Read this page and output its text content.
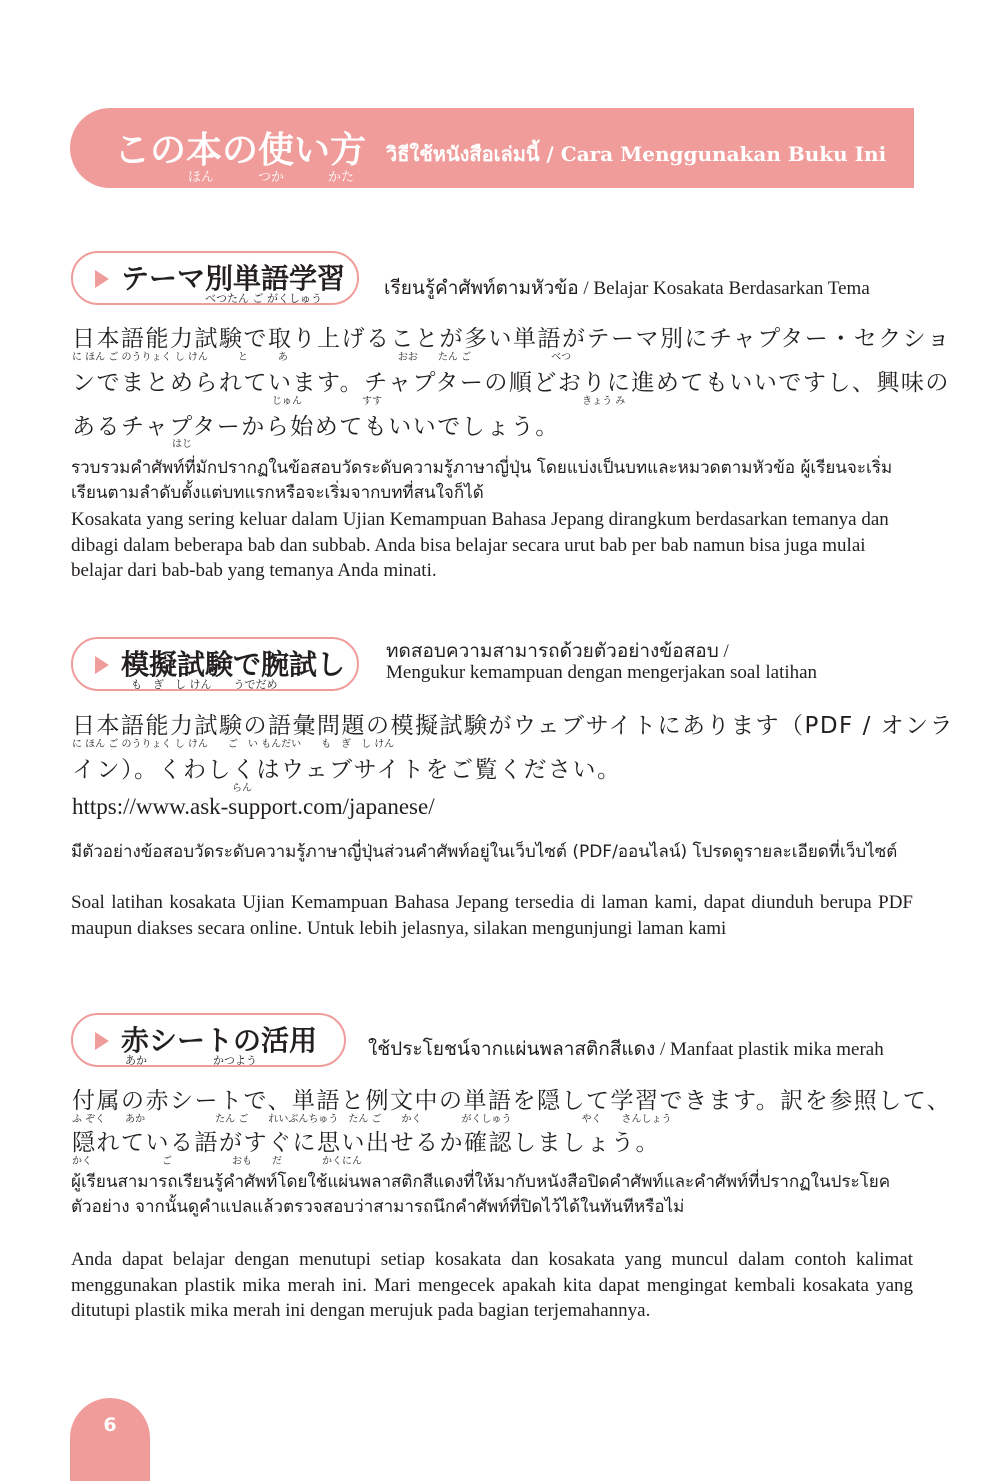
この本の使い方
ほん	つか	かた
วิธีใช้หนังสือเล่มนี้ / Cara Menggunakan Buku Ini
テーマ別単語学習
べつたん ご がくしゅう	เรียนรู้คำศัพท์ตามหัวข้อ / Belajar Kosakata Berdasarkan Tema
日本語能力試験で取り上げることが多い単語がテーマ別にチャプター・セクショ
に ほん ご のうりょく し けん　　　と　　　あ　　　　　　　　　　　おお　　たん ご　　　　　　　　べつ
ンでまとめられています。チャプターの順どおりに進めてもいいですし、興味の
　　　　　　　　　　　　　　　　　　　　じゅん　　　　　　すす　　　　　　　　　　　　　　　　　　　　きょう み
あるチャプターから始めてもいいでしょう。
　　　　　　　　　　はじ
รวบรวมคำศัพท์ที่มักปรากฏในข้อสอบวัดระดับความรู้ภาษาญี่ปุ่น โดยแบ่งเป็นบทและหมวดตามหัวข้อ ผู้เรียนจะเริ่มเรียนตามลำดับตั้งแต่บทแรกหรือจะเริ่มจากบทที่สนใจก็ได้
Kosakata yang sering keluar dalam Ujian Kemampuan Bahasa Jepang dirangkum berdasarkan temanya dan dibagi dalam beberapa bab dan subbab. Anda bisa belajar secara urut bab per bab namun bisa juga mulai belajar dari bab-bab yang temanya Anda minati.
模擬試験で腕試し
も　ぎ　し けん　　うでだめ
ทดสอบความสามารถด้วยตัวอย่างข้อสอบ /
Mengukur kemampuan dengan mengerjakan soal latihan
日本語能力試験の語彙問題の模擬試験がウェブサイトにあります（PDF / オンラ
に ほん ご のうりょく し けん　　ご　い もんだい　　も　ぎ　し けん
イン）。くわしくはウェブサイトをご覧ください。
　　　　　　　　　　　　　　　　らん
https://www.ask-support.com/japanese/
มีตัวอย่างข้อสอบวัดระดับความรู้ภาษาญี่ปุ่นส่วนคำศัพท์อยู่ในเว็บไซต์ (PDF/ออนไลน์) โปรดดูรายละเอียดที่เว็บไซต์
Soal latihan kosakata Ujian Kemampuan Bahasa Jepang tersedia di laman kami, dapat diunduh berupa PDF maupun diakses secara online. Untuk lebih jelasnya, silakan mengunjungi laman kami
赤シートの活用
あか　　　　　　かつよう
ใช้ประโยชน์จากแผ่นพลาสติกสีแดง / Manfaat plastik mika merah
付属の赤シートで、単語と例文中の単語を隠して学習できます。訳を参照して、
ふ ぞく　　あか　　　　　　　たん ご　　れいぶんちゅう　たん ご　　かく　　　　がくしゅう　　　　　　　やく　　さんしょう
隠れている語がすぐに思い出せるか確認しましょう。
かく　　　　　　　ご　　　　　　おも　　だ　　　　かくにん
ผู้เรียนสามารถเรียนรู้คำศัพท์โดยใช้แผ่นพลาสติกสีแดงที่ให้มากับหนังสือปิดคำศัพท์และคำศัพท์ที่ปรากฏในประโยคตัวอย่าง จากนั้นดูคำแปลแล้วตรวจสอบว่าสามารถนึกคำศัพท์ที่ปิดไว้ได้ในทันทีหรือไม่
Anda dapat belajar dengan menutupi setiap kosakata dan kosakata yang muncul dalam contoh kalimat menggunakan plastik mika merah ini. Mari mengecek apakah kita dapat mengingat kembali kosakata yang ditutupi plastik mika merah ini dengan merujuk pada bagian terjemahannya.
6
